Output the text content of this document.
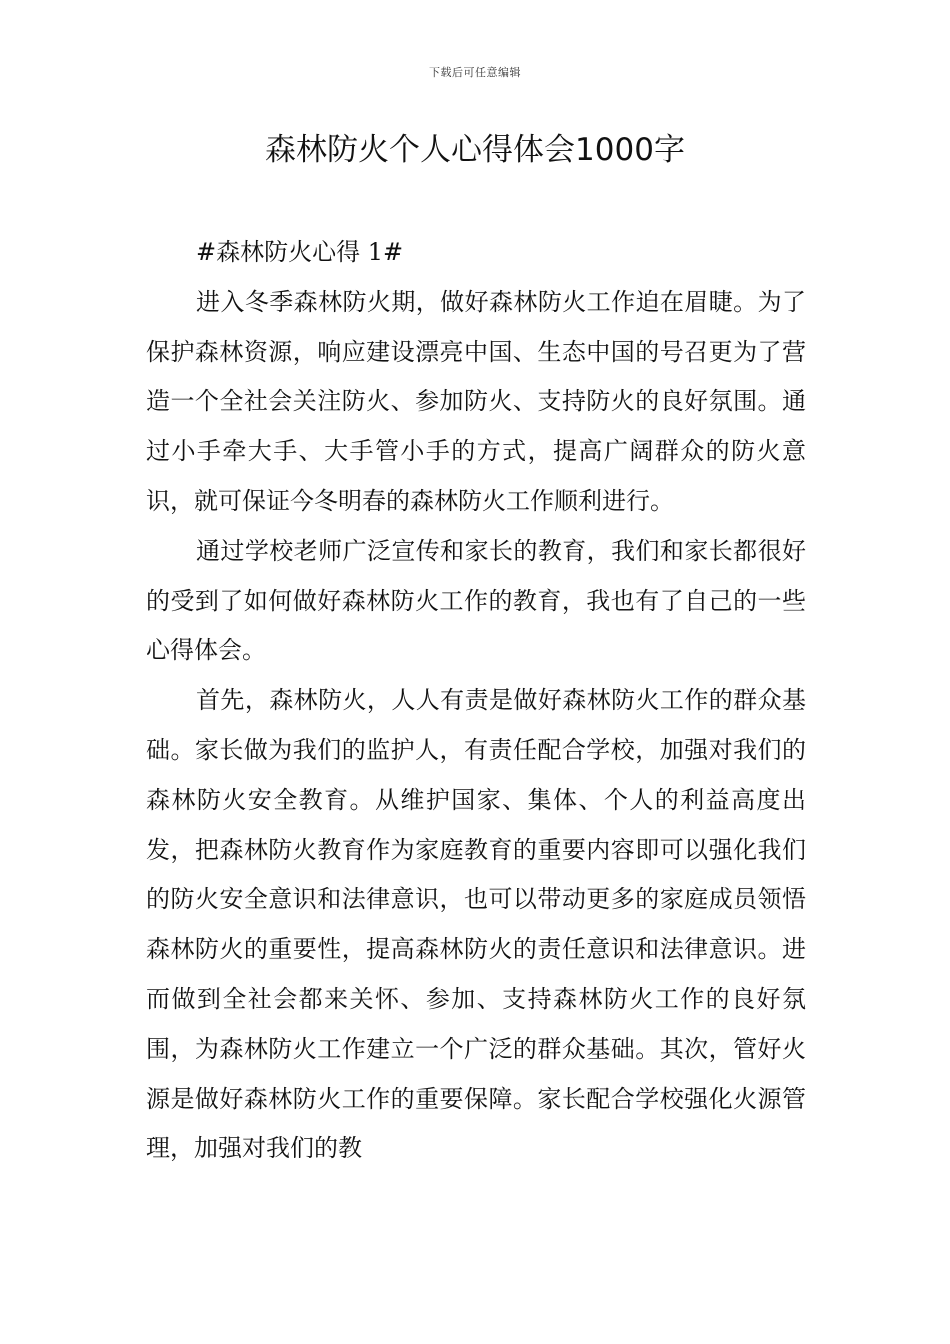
下载后可任意编辑
森林防火个人心得体会1000字

#森林防火心得 1#

进入冬季森林防火期，做好森林防火工作迫在眉睫。为了保护森林资源，响应建设漂亮中国、生态中国的号召更为了营造一个全社会关注防火、参加防火、支持防火的良好氛围。通过小手牵大手、大手管小手的方式，提高广阔群众的防火意识，就可保证今冬明春的森林防火工作顺利进行。

通过学校老师广泛宣传和家长的教育，我们和家长都很好的受到了如何做好森林防火工作的教育，我也有了自己的一些心得体会。

首先，森林防火，人人有责是做好森林防火工作的群众基础。家长做为我们的监护人，有责任配合学校，加强对我们的森林防火安全教育。从维护国家、集体、个人的利益高度出发，把森林防火教育作为家庭教育的重要内容即可以强化我们的防火安全意识和法律意识，也可以带动更多的家庭成员领悟森林防火的重要性，提高森林防火的责任意识和法律意识。进而做到全社会都来关怀、参加、支持森林防火工作的良好氛围，为森林防火工作建立一个广泛的群众基础。其次，管好火源是做好森林防火工作的重要保障。家长配合学校强化火源管理，加强对我们的教
